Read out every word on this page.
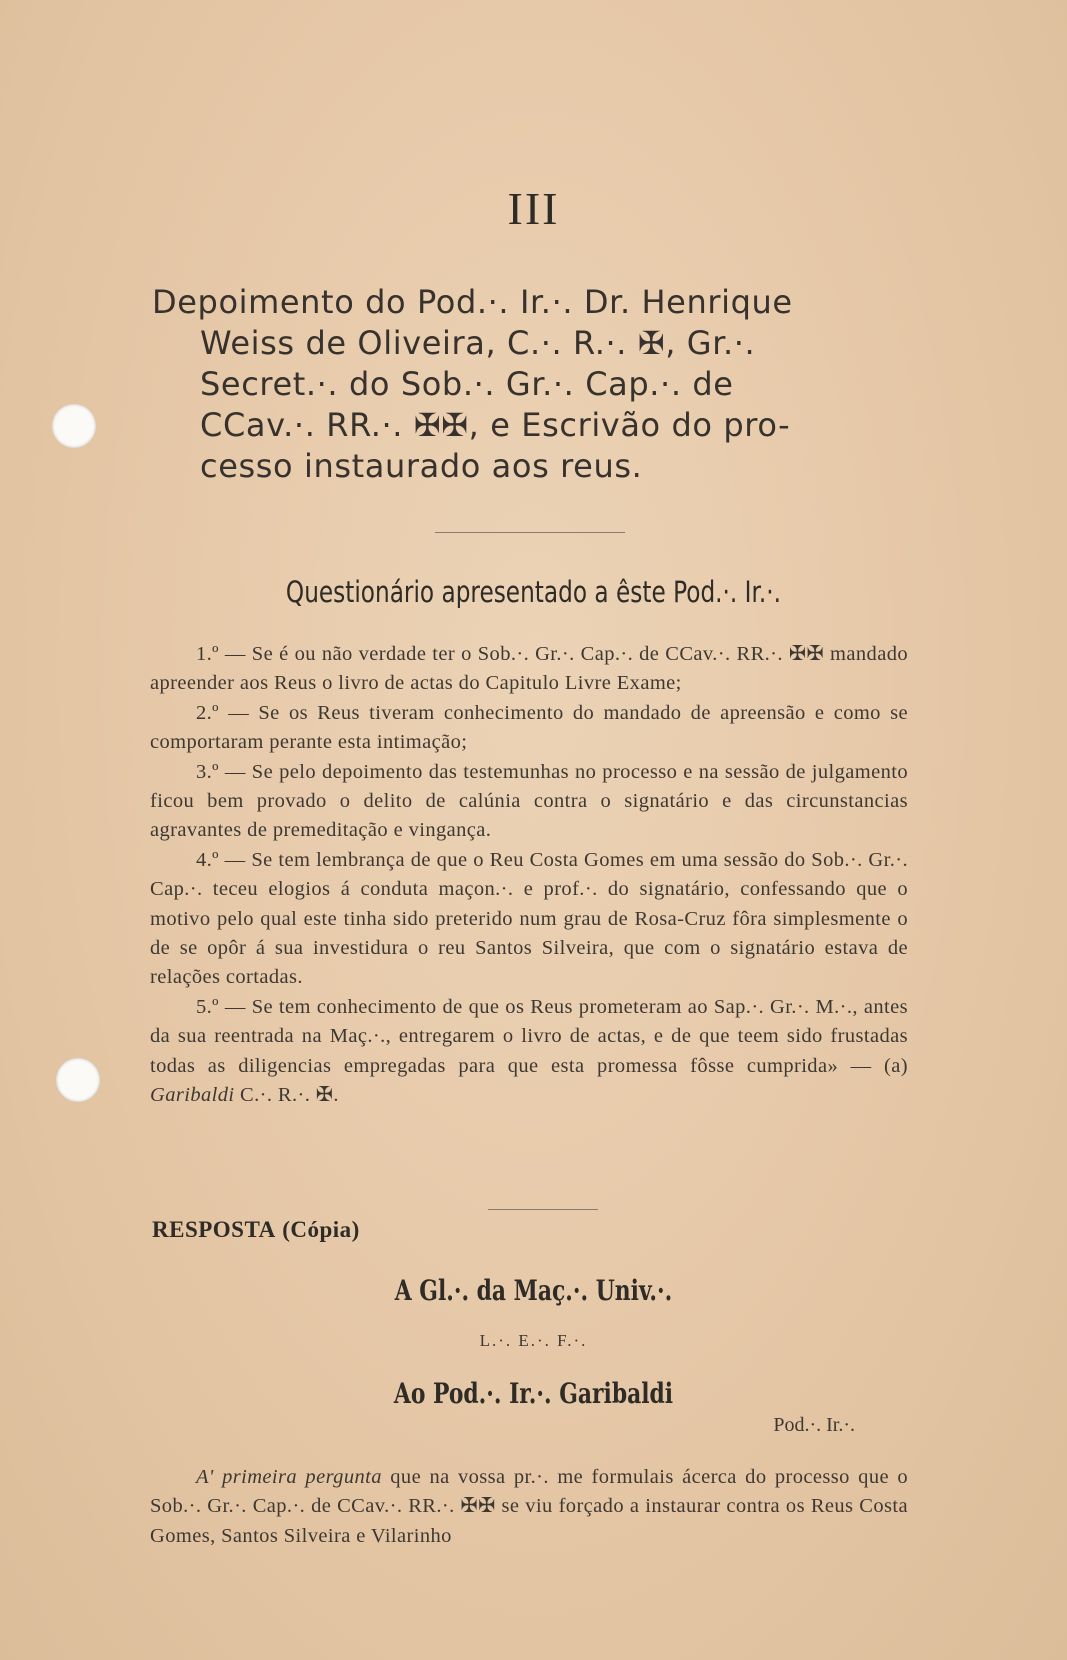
III
Depoimento do Pod.·. Ir.·. Dr. Henrique
Weiss de Oliveira, C.·. R.·. ✠, Gr.·.
Secret.·. do Sob.·. Gr.·. Cap.·. de
CCav.·. RR.·. ✠✠, e Escrivão do pro-
cesso instaurado aos reus.
Questionário apresentado a êste Pod.·. Ir.·.

1.º — Se é ou não verdade ter o Sob.·. Gr.·. Cap.·. de CCav.·. RR.·. ✠✠ mandado apreender aos Reus o livro de actas do Capitulo Livre Exame;

2.º — Se os Reus tiveram conhecimento do mandado de apreensão e como se comportaram perante esta intimação;

3.º — Se pelo depoimento das testemunhas no processo e na sessão de julgamento ficou bem provado o delito de calúnia contra o signatário e das circunstancias agravantes de premeditação e vingança.

4.º — Se tem lembrança de que o Reu Costa Gomes em uma sessão do Sob.·. Gr.·. Cap.·. teceu elogios á conduta maçon.·. e prof.·. do signatário, confessando que o motivo pelo qual este tinha sido preterido num grau de Rosa-Cruz fôra simplesmente o de se opôr á sua investidura o reu Santos Silveira, que com o signatário estava de relações cortadas.

5.º — Se tem conhecimento de que os Reus prometeram ao Sap.·. Gr.·. M.·., antes da sua reentrada na Maç.·., entregarem o livro de actas, e de que teem sido frustadas todas as diligencias empregadas para que esta promessa fôsse cumprida» — (a) Garibaldi C.·. R.·. ✠.

RESPOSTA (Cópia)
A Gl.·. da Maç.·. Univ.·.
L.·. E.·. F.·.
Ao Pod.·. Ir.·. Garibaldi
Pod.·. Ir.·.

A' primeira pergunta que na vossa pr.·. me formulais ácerca do processo que o Sob.·. Gr.·. Cap.·. de CCav.·. RR.·. ✠✠ se viu forçado a instaurar contra os Reus Costa Gomes, Santos Silveira e Vilarinho
